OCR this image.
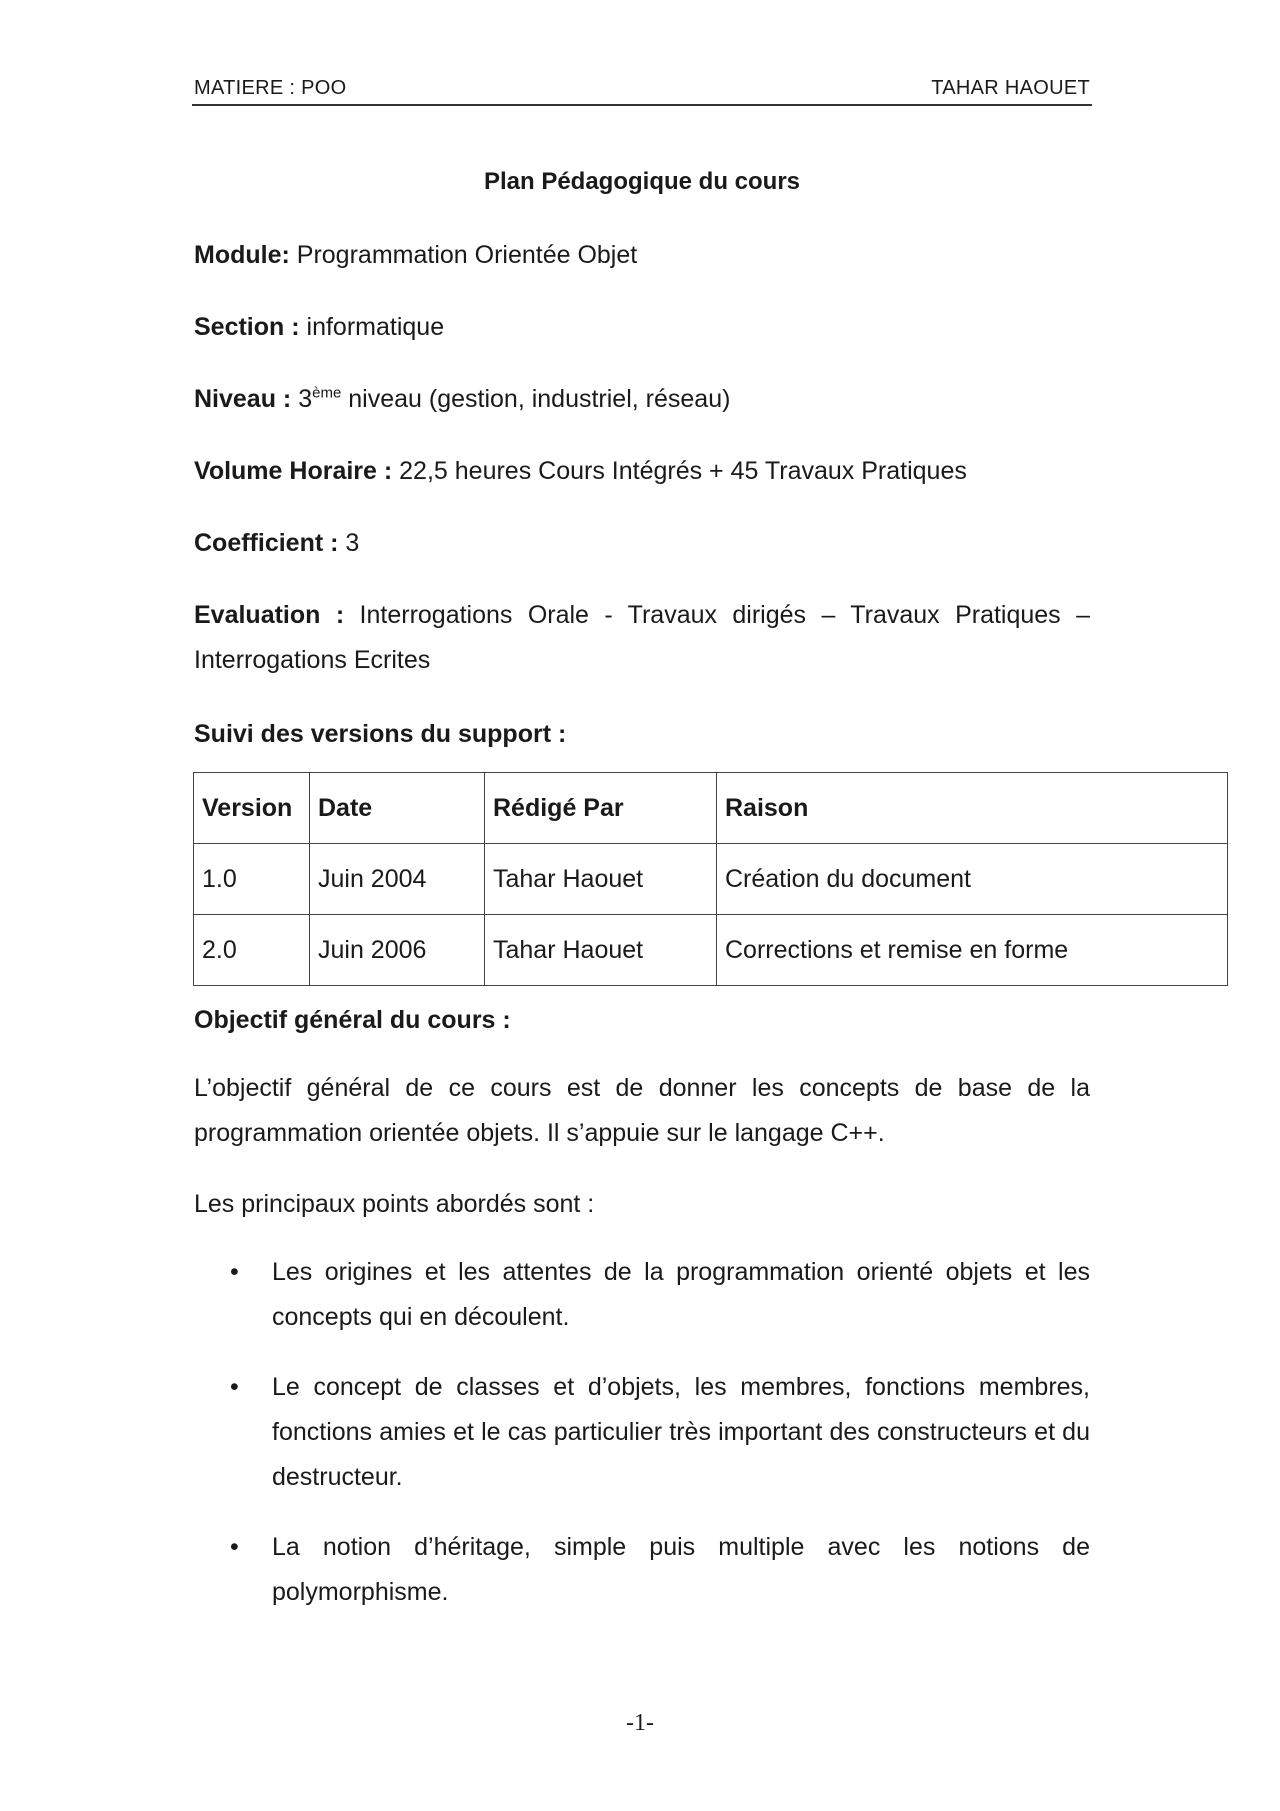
MATIERE : POO	TAHAR HAOUET
Plan Pédagogique du cours
Module: Programmation Orientée Objet
Section : informatique
Niveau : 3ème niveau (gestion, industriel, réseau)
Volume Horaire : 22,5 heures Cours Intégrés + 45 Travaux Pratiques
Coefficient : 3
Evaluation : Interrogations Orale - Travaux dirigés – Travaux Pratiques – Interrogations Ecrites
Suivi des versions du support :
Version	Date	Rédigé Par	Raison
1.0	Juin 2004	Tahar Haouet	Création du document
2.0	Juin 2006	Tahar Haouet	Corrections et remise en forme
Objectif général du cours :
L’objectif général de ce cours est de donner les concepts de base de la programmation orientée objets. Il s’appuie sur le langage C++.
Les principaux points abordés sont :
• Les origines et les attentes de la programmation orienté objets et les concepts qui en découlent.
• Le concept de classes et d’objets, les membres, fonctions membres, fonctions amies et le cas particulier très important des constructeurs et du destructeur.
• La notion d’héritage, simple puis multiple avec les notions de polymorphisme.
-1-
